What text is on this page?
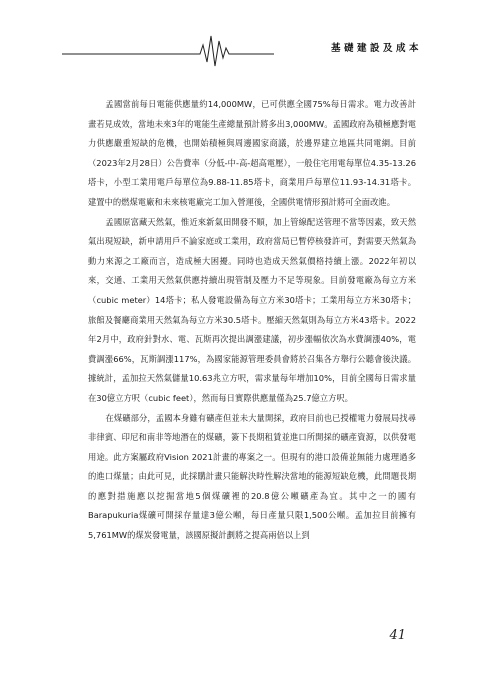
基礎建設及成本

孟國當前每日電能供應量約14,000MW，已可供應全國75%每日需求。電力改善計畫若見成效，當地未來3年的電能生產總量預計將多出3,000MW。孟國政府為積極應對電力供應嚴重短缺的危機，也開始積極與周邊國家商議，於邊界建立地區共同電網。目前（2023年2月28日）公告費率（分低-中-高-超高電壓），一般住宅用電每單位4.35-13.26塔卡，小型工業用電戶每單位為9.88-11.85塔卡，商業用戶每單位11.93-14.31塔卡。建置中的燃煤電廠和未來核電廠完工加入營運後，全國供電情形預計將可全面改進。

孟國原富藏天然氣，惟近來新氣田開發不順，加上管線配送管理不當等因素，致天然氣出現短缺，新申請用戶不論家庭或工業用，政府當局已暫停核發許可，對需要天然氣為動力來源之工廠而言，造成極大困擾。同時也造成天然氣價格持續上漲。2022年初以來，交通、工業用天然氣供應持續出現管制及壓力不足等現象。目前發電廠為每立方米（cubic meter）14塔卡；私人發電設備為每立方米30塔卡；工業用每立方米30塔卡；旅館及餐廳商業用天然氣為每立方米30.5塔卡。壓縮天然氣則為每立方米43塔卡。2022年2月中，政府針對水、電、瓦斯再次提出調漲建議，初步漲幅依次為水費調漲40%，電費調漲66%，瓦斯調漲117%，為國家能源管理委員會將於召集各方舉行公聽會後決議。據統計，孟加拉天然氣儲量10.63兆立方呎，需求量每年增加10%，目前全國每日需求量在30億立方呎（cubic feet），然而每日實際供應量僅為25.7億立方呎。

在煤礦部分，孟國本身雖有礦產但並未大量開採，政府目前也已授權電力發展局找尋非律賓、印尼和南非等地潛在的煤礦，簽下長期租賃並進口所開採的礦產資源，以供發電用途。此方案屬政府Vision 2021計畫的專案之一。但現有的港口設備並無能力處理過多的進口煤量；由此可見，此採購計畫只能解決時性解決當地的能源短缺危機，此問題長期的應對措施應以挖掘當地5個煤礦裡的20.8億公噸礦產為宜。其中之一的國有Barapukuria煤礦可開採存量達3億公噸，每日產量只限1,500公噸。孟加拉目前擁有5,761MW的煤炭發電量，該國原擬計劃將之提高兩倍以上到

41
